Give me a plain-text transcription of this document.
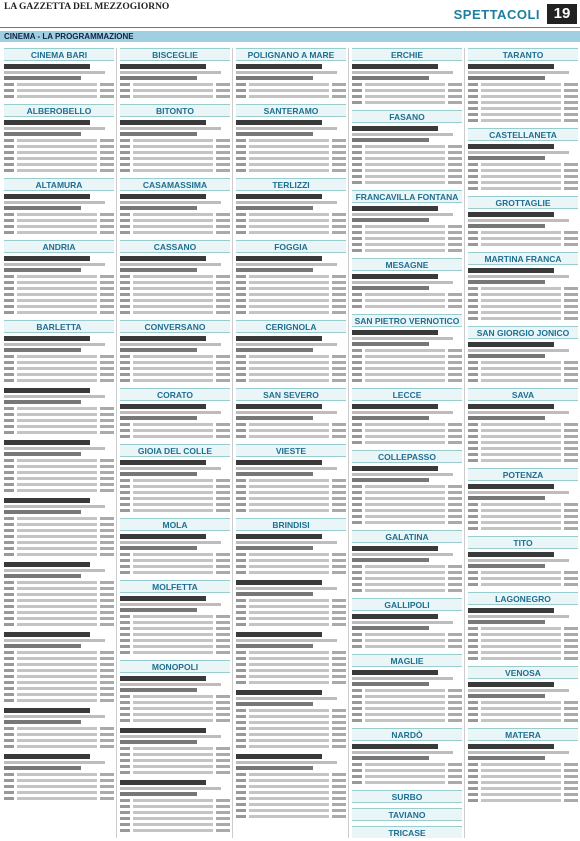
LA GAZZETTA DEL MEZZOGIORNO	SPETTACOLI 19
CINEMA - LA PROGRAMMAZIONE
CINEMA BARI
ALBEROBELLO
ALTAMURA
ANDRIA
BARLETTA
BISCEGLIE
BITONTO
CASAMASSIMA
CASSANO
CONVERSANO
CORATO
GIOIA DEL COLLE
MOLA
MOLFETTA
MONOPOLI
POLIGNANO A MARE
SANTERAMO
TERLIZZI
FOGGIA
CERIGNOLA
SAN SEVERO
VIESTE
BRINDISI
ERCHIE
FASANO
FRANCAVILLA FONTANA
MESAGNE
SAN PIETRO VERNOTICO
LECCE
COLLEPASSO
GALATINA
GALLIPOLI
MAGLIE
NARDÒ
SURBO
TAVIANO
TRICASE
TARANTO
CASTELLANETA
GROTTAGLIE
MARTINA FRANCA
SAN GIORGIO JONICO
SAVA
POTENZA
TITO
LAGONEGRO
VENOSA
MATERA
